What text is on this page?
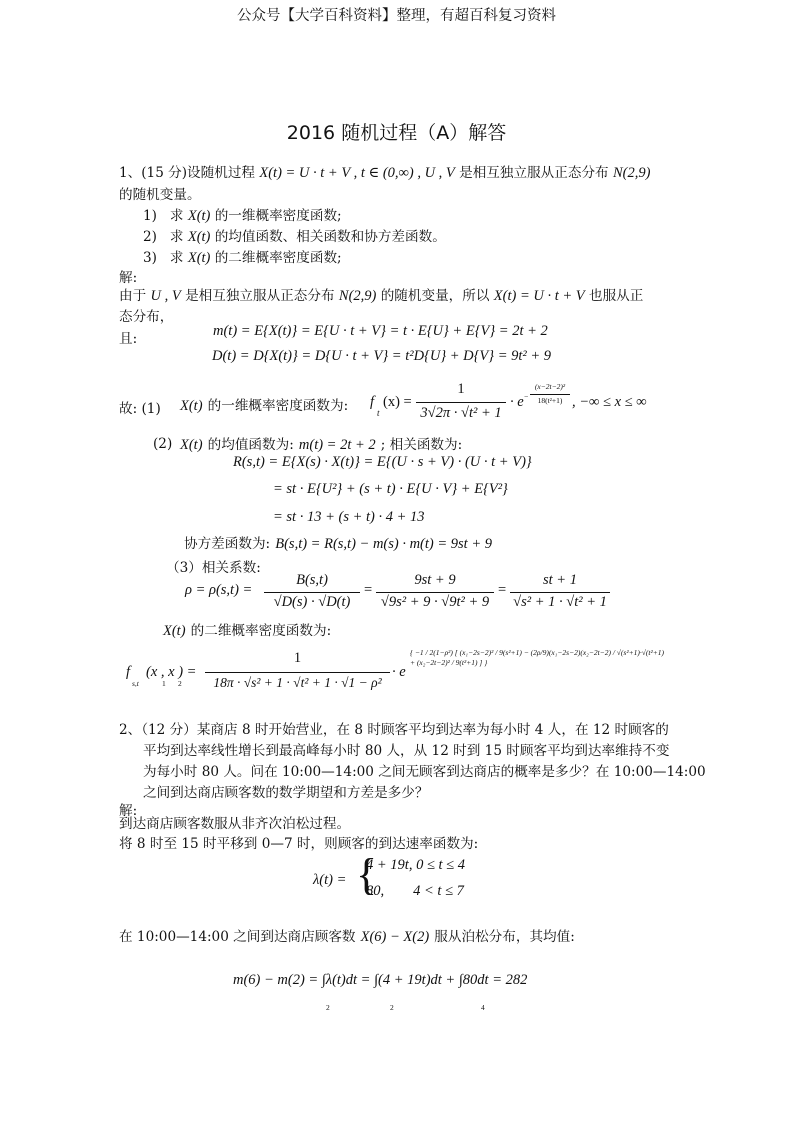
公众号【大学百科资料】整理，有超百科复习资料
2016 随机过程（A）解答
1、(15 分)设随机过程 X(t) = U · t + V , t ∈ (0,∞) , U , V 是相互独立服从正态分布 N(2,9)
的随机变量。
1) 求 X(t) 的一维概率密度函数;
2) 求 X(t) 的均值函数、相关函数和协方差函数。
3) 求 X(t) 的二维概率密度函数;
解:
由于 U , V 是相互独立服从正态分布 N(2,9) 的随机变量，所以 X(t) = U · t + V 也服从正
态分布，
且:	m(t) = E{X(t)} = E{U · t + V} = t · E{U} + E{V} = 2t + 2
D(t) = D{X(t)} = D{U · t + V} = t²D{U} + D{V} = 9t² + 9
故: (1) X(t) 的一维概率密度函数为: f
t
(x) =
1
3√2π · √t² + 1
· e −
(x−2t−2)²
18(t²+1) , −∞ ≤ x ≤ ∞
(2) X(t) 的均值函数为: m(t) = 2t + 2 ; 相关函数为:
R(s,t) = E{X(s) · X(t)} = E{(U · s + V) · (U · t + V)}
= st · E{U²} + (s + t) · E{U · V} + E{V²}
= st · 13 + (s + t) · 4 + 13
协方差函数为: B(s,t) = R(s,t) − m(s) · m(t) = 9st + 9
（3）相关系数:
ρ = ρ(s,t) =
B(s,t)
√D(s) · √D(t)
=
9st + 9
√9s² + 9 · √9t² + 9
=
st + 1
√s² + 1 · √t² + 1
X(t) 的二维概率密度函数为:
f
s,t
(x , x ) =
1 2
1
18π · √s² + 1 · √t² + 1 · √1 − ρ²
· e
{ −1 / 2(1−ρ²) [ (x₁−2s−2)² / 9(s²+1) − (2ρ/9)(x₁−2s−2)(x₂−2t−2) / √(s²+1)·√(t²+1) + (x₂−2t−2)² / 9(t²+1) ] }
2、（12 分）某商店 8 时开始营业，在 8 时顾客平均到达率为每小时 4 人，在 12 时顾客的
平均到达率线性增长到最高峰每小时 80 人，从 12 时到 15 时顾客平均到达率维持不变
为每小时 80 人。问在 10:00—14:00 之间无顾客到达商店的概率是多少？在 10:00—14:00
之间到达商店顾客数的数学期望和方差是多少？
解:
到达商店顾客数服从非齐次泊松过程。
将 8 时至 15 时平移到 0—7 时，则顾客的到达速率函数为:
λ(t) = {
4 + 19t, 0 ≤ t ≤ 4
80,        4 < t ≤ 7
在 10:00—14:00 之间到达商店顾客数 X(6) − X(2) 服从泊松分布，其均值:
m(6) − m(2) = ∫λ(t)dt = ∫(4 + 19t)dt + ∫80dt = 282
2	2	4
